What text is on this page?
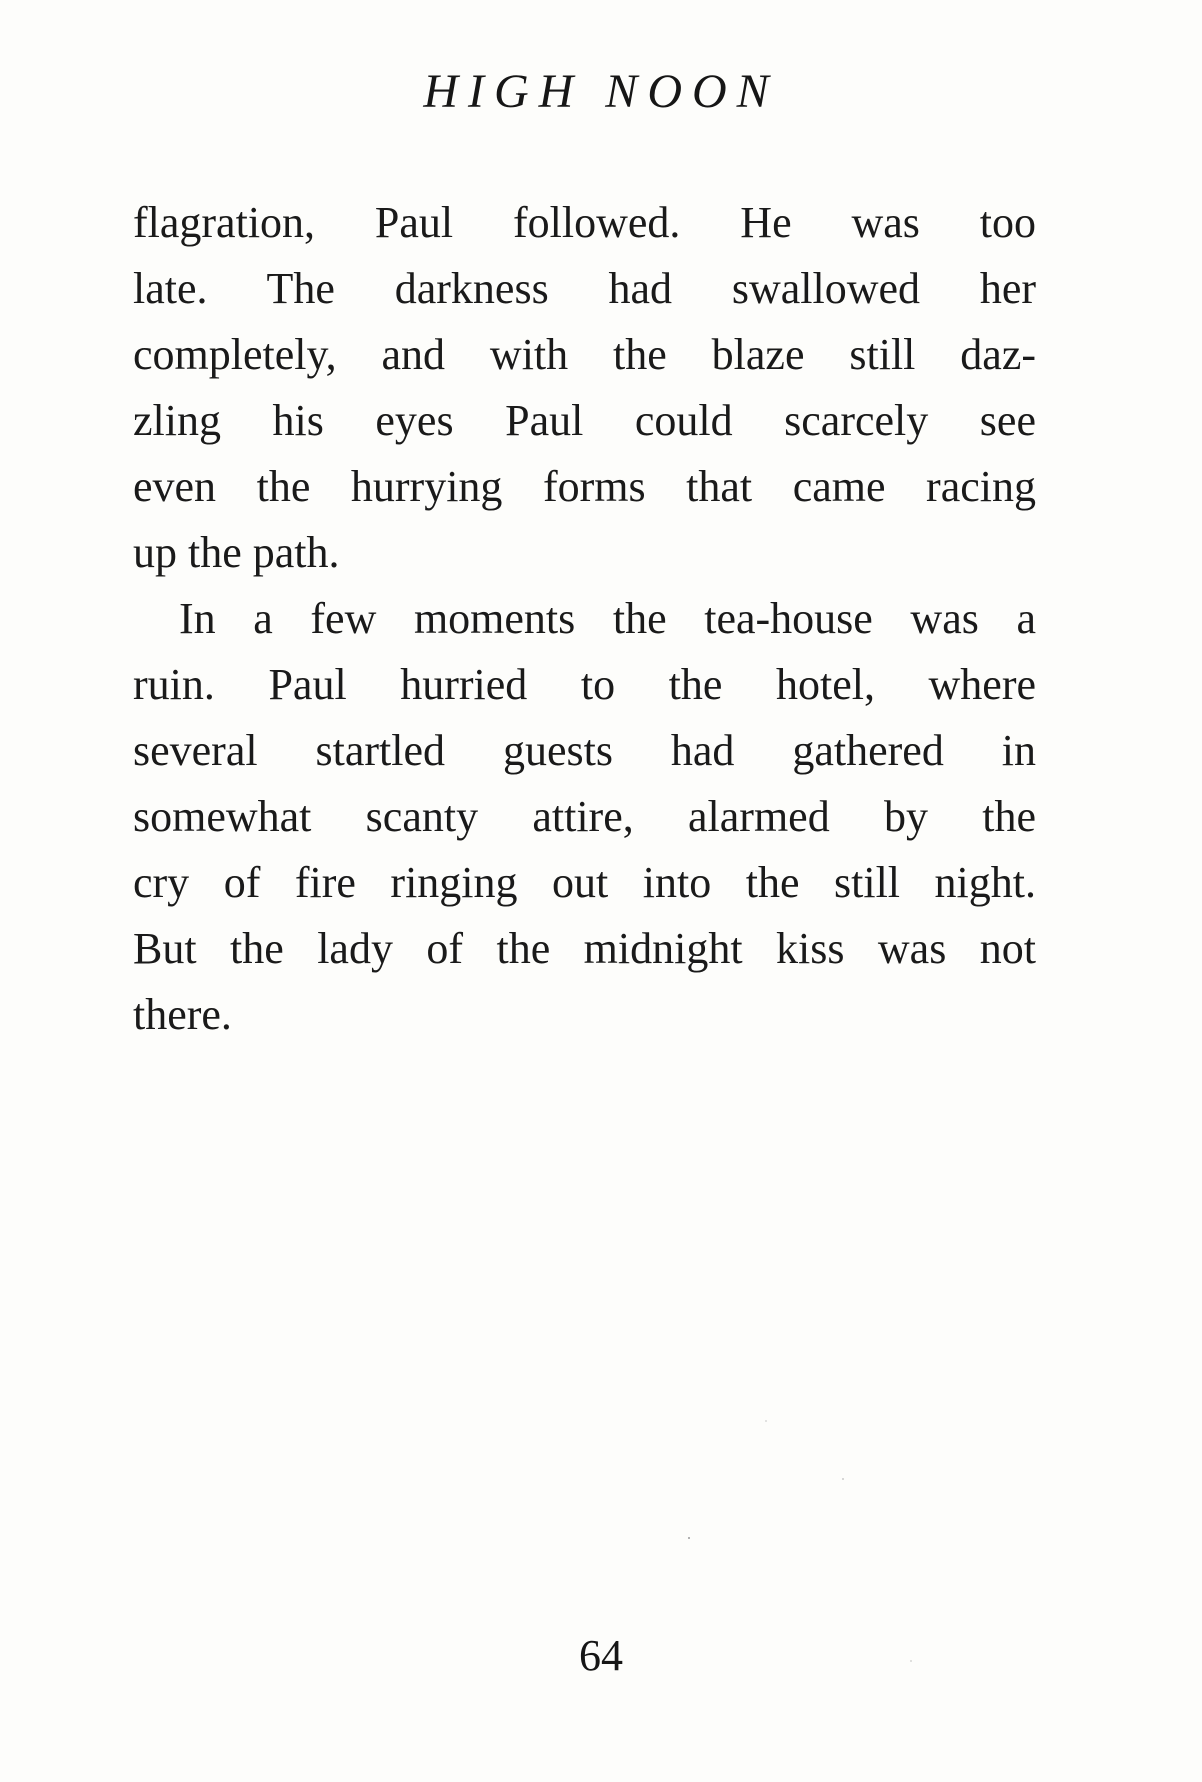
HIGH NOON
flagration, Paul followed. He was too
late. The darkness had swallowed her
completely, and with the blaze still daz-
zling his eyes Paul could scarcely see
even the hurrying forms that came racing
up the path.
In a few moments the tea-house was a
ruin. Paul hurried to the hotel, where
several startled guests had gathered in
somewhat scanty attire, alarmed by the
cry of fire ringing out into the still night.
But the lady of the midnight kiss was not
there.
64
